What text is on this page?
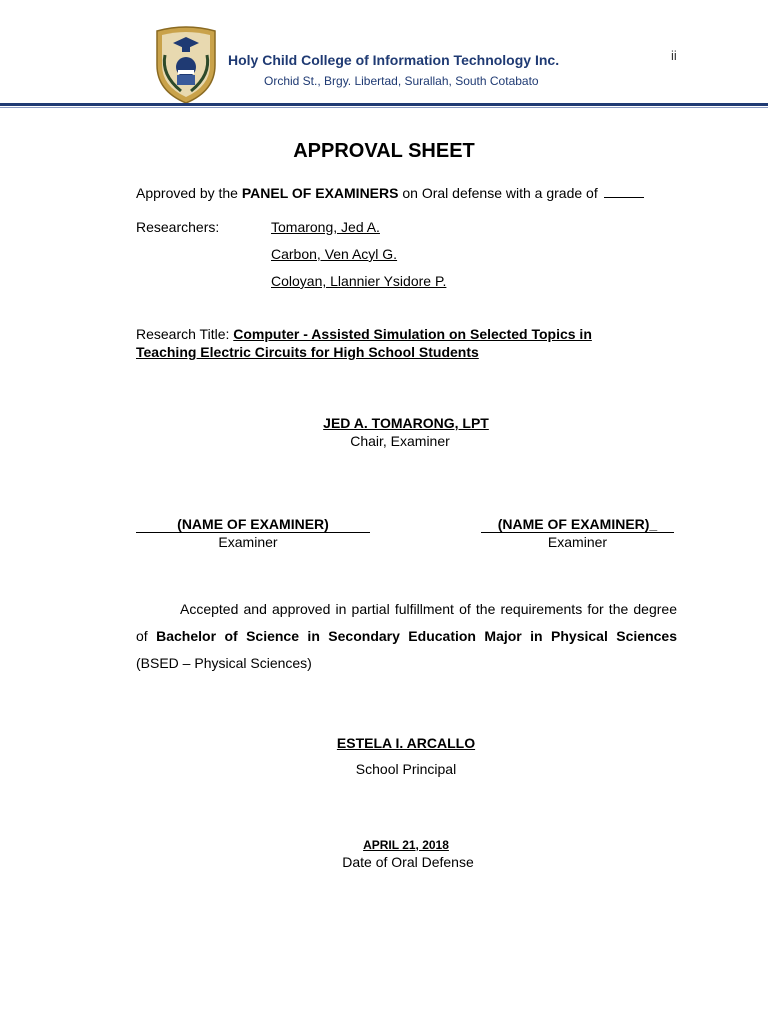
Holy Child College of Information Technology Inc.
Orchid St., Brgy. Libertad, Surallah, South Cotabato
ii
APPROVAL SHEET
Approved by the PANEL OF EXAMINERS on Oral defense with a grade of
Researchers:	Tomarong, Jed A.
Carbon, Ven Acyl G.
Coloyan, Llannier Ysidore P.
Research Title: Computer - Assisted Simulation on Selected Topics in
Teaching Electric Circuits for High School Students
JED A. TOMARONG, LPT
Chair, Examiner
(NAME OF EXAMINER)
Examiner
(NAME OF EXAMINER)_
Examiner
Accepted and approved in partial fulfillment of the requirements for the degree of Bachelor of Science in Secondary Education Major in Physical Sciences (BSED – Physical Sciences)
ESTELA I. ARCALLO
School Principal
APRIL 21, 2018
Date of Oral Defense
